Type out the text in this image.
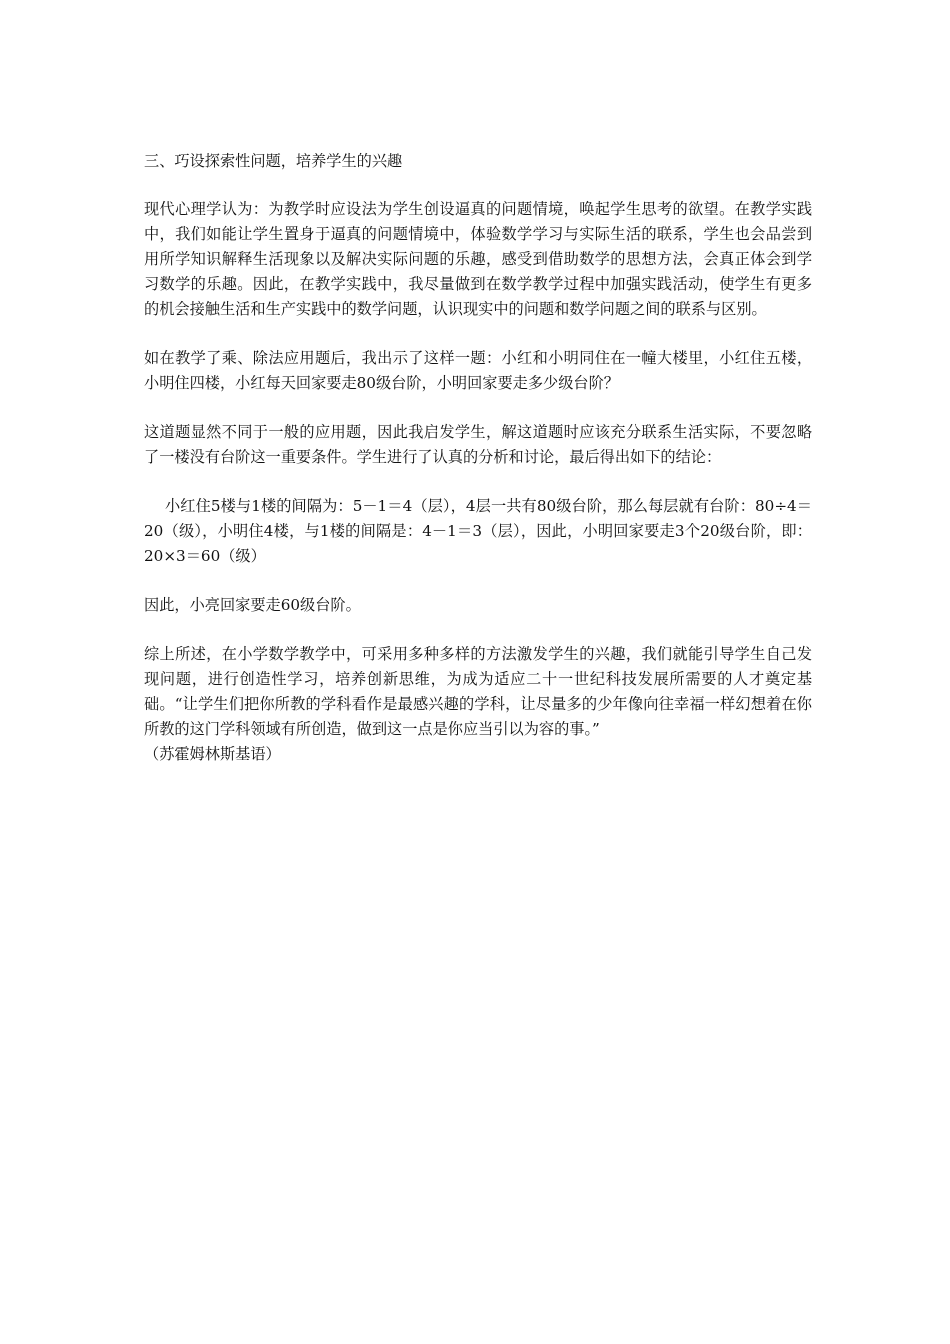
三、巧设探索性问题，培养学生的兴趣

现代心理学认为：为教学时应设法为学生创设逼真的问题情境，唤起学生思考的欲望。在教学实践中，我们如能让学生置身于逼真的问题情境中，体验数学学习与实际生活的联系，学生也会品尝到用所学知识解释生活现象以及解决实际问题的乐趣，感受到借助数学的思想方法，会真正体会到学习数学的乐趣。因此，在教学实践中，我尽量做到在数学教学过程中加强实践活动，使学生有更多的机会接触生活和生产实践中的数学问题，认识现实中的问题和数学问题之间的联系与区别。

如在教学了乘、除法应用题后，我出示了这样一题：小红和小明同住在一幢大楼里，小红住五楼，小明住四楼，小红每天回家要走80级台阶，小明回家要走多少级台阶？

这道题显然不同于一般的应用题，因此我启发学生，解这道题时应该充分联系生活实际，不要忽略了一楼没有台阶这一重要条件。学生进行了认真的分析和讨论，最后得出如下的结论：

小红住5楼与1楼的间隔为：5－1＝4（层），4层一共有80级台阶，那么每层就有台阶：80÷4＝20（级），小明住4楼，与1楼的间隔是：4－1＝3（层），因此，小明回家要走3个20级台阶，即：20×3＝60（级）

因此，小亮回家要走60级台阶。

综上所述，在小学数学教学中，可采用多种多样的方法激发学生的兴趣，我们就能引导学生自己发现问题，进行创造性学习，培养创新思维，为成为适应二十一世纪科技发展所需要的人才奠定基础。“让学生们把你所教的学科看作是最感兴趣的学科，让尽量多的少年像向往幸福一样幻想着在你所教的这门学科领域有所创造，做到这一点是你应当引以为容的事。”
（苏霍姆林斯基语）
